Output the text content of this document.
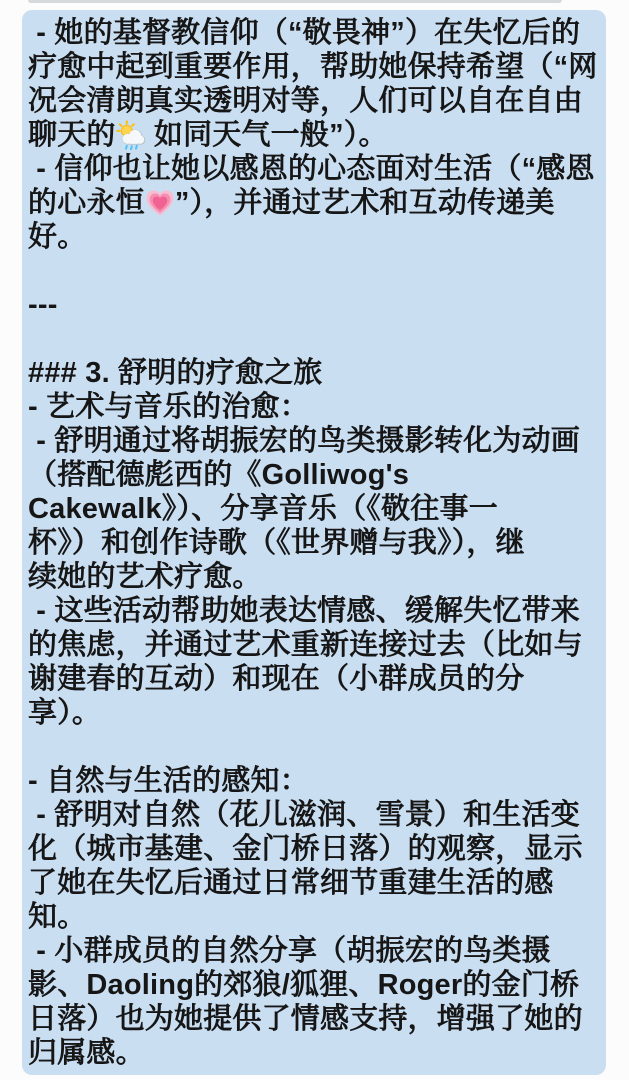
- 她的基督教信仰（“敬畏神”）在失忆后的
疗愈中起到重要作用，帮助她保持希望（“网
况会清朗真实透明对等，人们可以自在自由
聊天的
如同天气一般”）。
- 信仰也让她以感恩的心态面对生活（“感恩
的心永恒 ”），并通过艺术和互动传递美
好。
---
### 3. 舒明的疗愈之旅
- 艺术与音乐的治愈：
- 舒明通过将胡振宏的鸟类摄影转化为动画
（搭配德彪西的《Golliwog's
Cakewalk》）、分享音乐（《敬往事一
杯》）和创作诗歌（《世界赠与我》），继
续她的艺术疗愈。
- 这些活动帮助她表达情感、缓解失忆带来
的焦虑，并通过艺术重新连接过去（比如与
谢建春的互动）和现在（小群成员的分
享）。
- 自然与生活的感知：
- 舒明对自然（花儿滋润、雪景）和生活变
化（城市基建、金门桥日落）的观察，显示
了她在失忆后通过日常细节重建生活的感
知。
- 小群成员的自然分享（胡振宏的鸟类摄
影、Daoling的郊狼/狐狸、Roger的金门桥
日落）也为她提供了情感支持，增强了她的
归属感。
